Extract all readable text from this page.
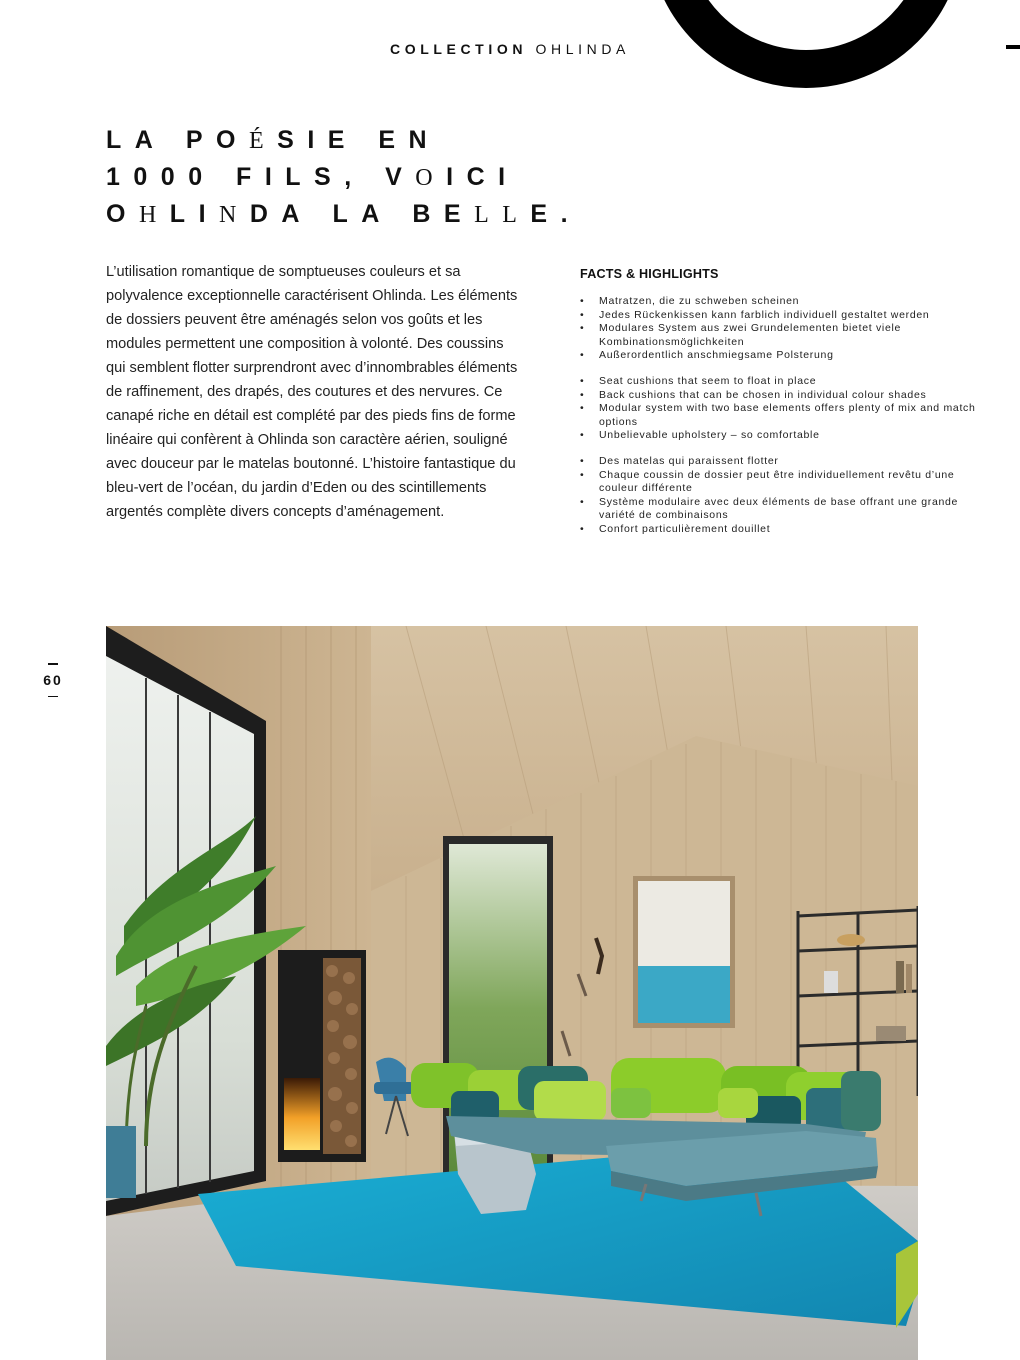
COLLECTION OHLINDA
LA POÉSIE EN
1000 FILS, VOICI
OHLINDA LA BELLE.

L’utilisation romantique de somptueuses couleurs et sa polyvalence exceptionnelle caractérisent Ohlinda. Les éléments de dossiers peuvent être aménagés selon vos goûts et les modules permettent une composition à volonté. Des coussins qui semblent flotter surprendront avec d’innombrables éléments de raffinement, des drapés, des coutures et des nervures. Ce canapé riche en détail est complété par des pieds fins de forme linéaire qui confèrent à Ohlinda son caractère aérien, souligné avec douceur par le matelas boutonné. L’histoire fantastique du bleu-vert de l’océan, du jardin d’Eden ou des scintillements argentés complète divers concepts d’aménagement.

FACTS & HIGHLIGHTS
• Matratzen, die zu schweben scheinen
• Jedes Rückenkissen kann farblich individuell gestaltet werden
• Modulares System aus zwei Grundelementen bietet viele Kombinationsmöglichkeiten
• Außerordentlich anschmiegsame Polsterung
• Seat cushions that seem to float in place
• Back cushions that can be chosen in individual colour shades
• Modular system with two base elements offers plenty of mix and match options
• Unbelievable upholstery – so comfortable
• Des matelas qui paraissent flotter
• Chaque coussin de dossier peut être individuellement revêtu d’une couleur différente
• Système modulaire avec deux éléments de base offrant une grande variété de combinaisons
• Confort particulièrement douillet
60
